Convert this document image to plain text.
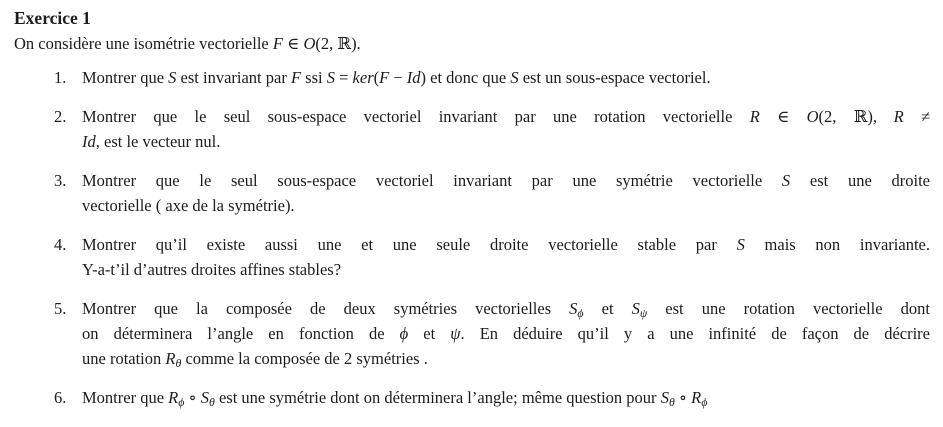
Exercice 1

On considère une isométrie vectorielle F ∈ O(2, ℝ).

1. Montrer que S est invariant par F ssi S = ker(F − Id) et donc que S est un sous-espace vectoriel.
2. Montrer que le seul sous-espace vectoriel invariant par une rotation vectorielle R ∈ O(2, ℝ), R ≠
Id, est le vecteur nul.
3. Montrer que le seul sous-espace vectoriel invariant par une symétrie vectorielle S est une droite
vectorielle ( axe de la symétrie).
4. Montrer qu’il existe aussi une et une seule droite vectorielle stable par S mais non invariante.
Y-a-t’il d’autres droites affines stables?
5. Montrer que la composée de deux symétries vectorielles $S_\phi$ et $S_\psi$ est une rotation vectorielle dont
on déterminera l’angle en fonction de ϕ et ψ. En déduire qu’il y a une infinité de façon de décrire
une rotation $R_\theta$ comme la composée de 2 symétries .
6. Montrer que $R_\phi$ ∘ $S_\theta$ est une symétrie dont on déterminera l’angle; même question pour $S_\theta$ ∘ $R_\phi$
